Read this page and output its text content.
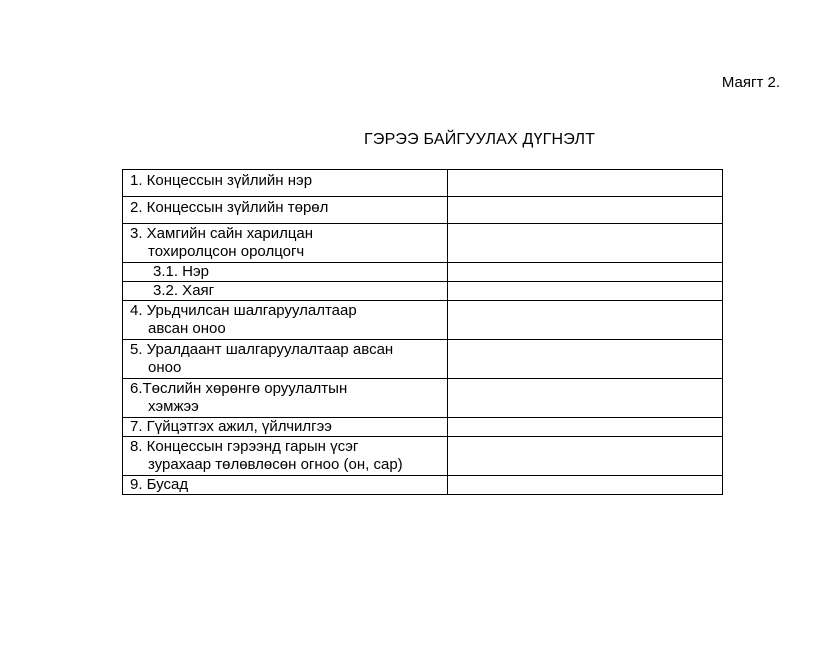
Маягт 2.
ГЭРЭЭ БАЙГУУЛАХ ДҮГНЭЛТ
1. Концессын зүйлийн нэр	

2. Концессын зүйлийн төрөл	

3. Хамгийн сайн харилцан
тохиролцсон оролцогч	

3.1. Нэр	

3.2. Хаяг	

4. Урьдчилсан шалгаруулалтаар
авсан оноо	

5. Уралдаант шалгаруулалтаар авсан
оноо	

6.Төслийн хөрөнгө оруулалтын
хэмжээ	

7. Гүйцэтгэх ажил, үйлчилгээ	

8. Концессын гэрээнд гарын үсэг
зурахаар төлөвлөсөн огноо (он, сар)	

9. Бусад	
